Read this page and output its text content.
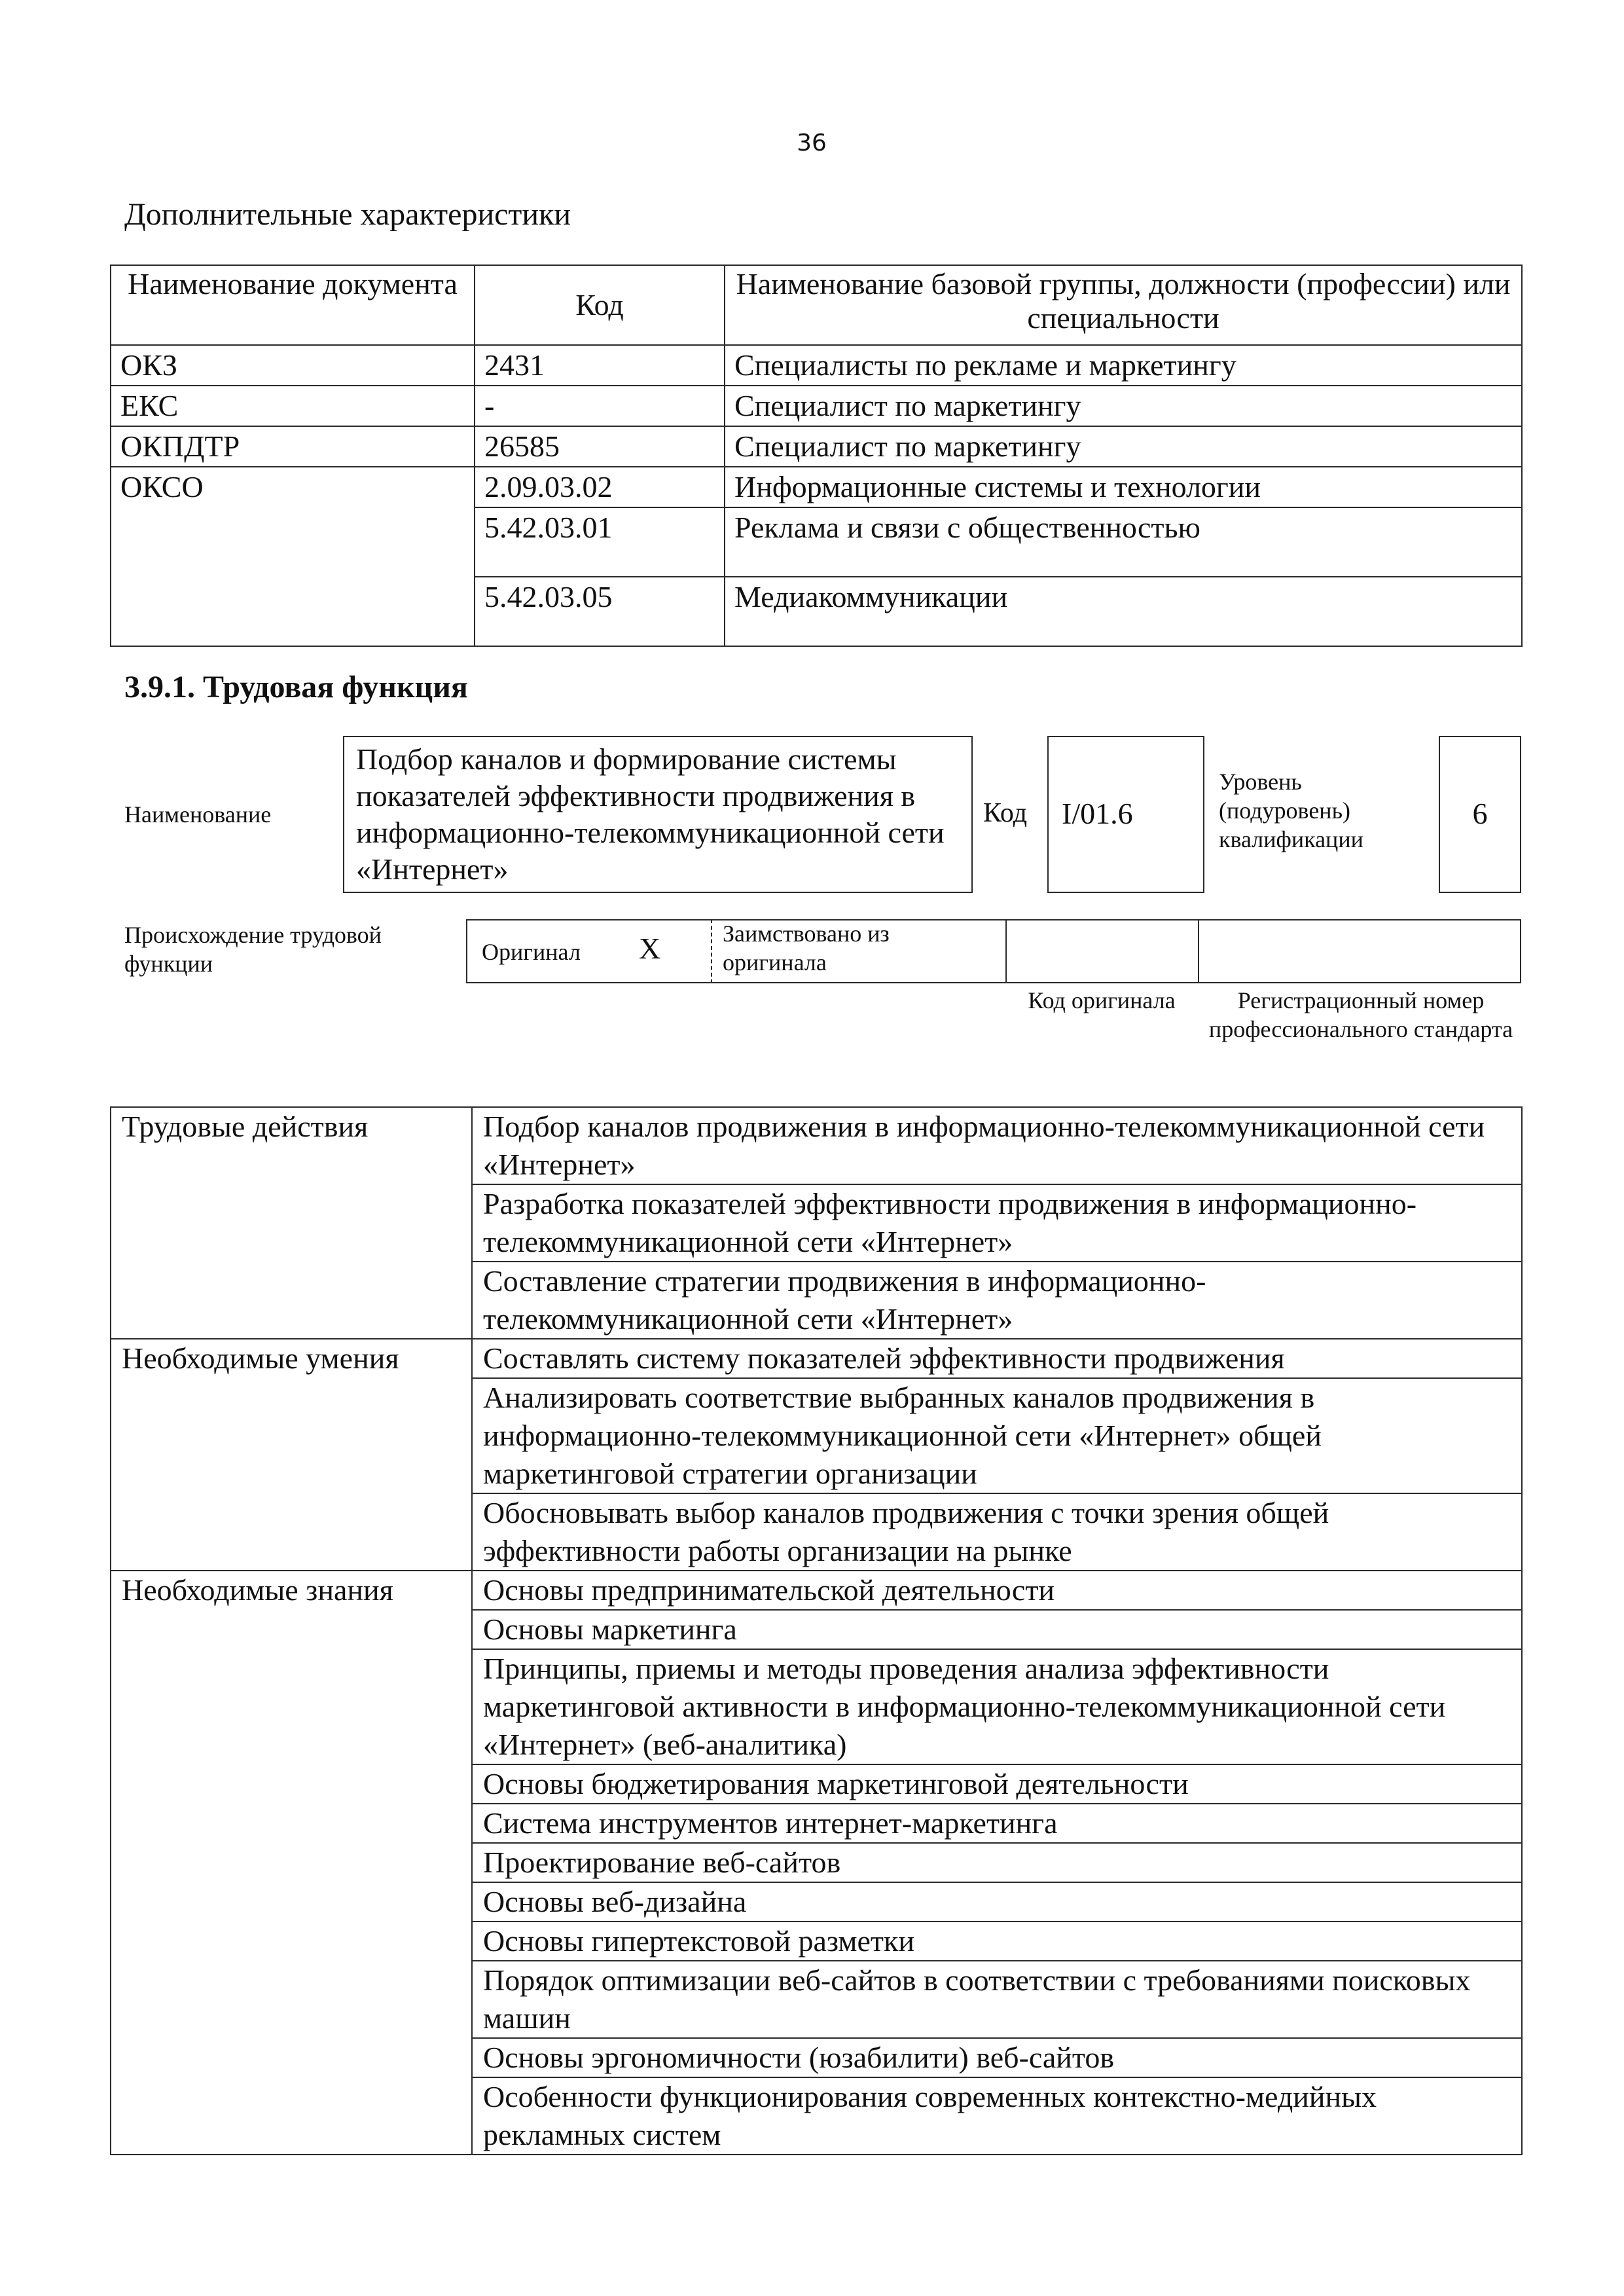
36
Дополнительные характеристики
Наименование документа	Код	Наименование базовой группы, должности (профессии) или специальности
ОКЗ	2431	Специалисты по рекламе и маркетингу
ЕКС	-	Специалист по маркетингу
ОКПДТР	26585	Специалист по маркетингу
ОКСО	2.09.03.02	Информационные системы и технологии
	5.42.03.01	Реклама и связи с общественностью
	5.42.03.05	Медиакоммуникации
3.9.1. Трудовая функция
Наименование
Подбор каналов и формирование системы показателей эффективности продвижения в информационно-телекоммуникационной сети «Интернет»
Код I/01.6
Уровень (подуровень) квалификации
6
Происхождение трудовой функции	Оригинал X	Заимствовано из оригинала
Код оригинала	Регистрационный номер профессионального стандарта
Трудовые действия	Подбор каналов продвижения в информационно-телекоммуникационной сети «Интернет»
	Разработка показателей эффективности продвижения в информационно-телекоммуникационной сети «Интернет»
	Составление стратегии продвижения в информационно-телекоммуникационной сети «Интернет»
Необходимые умения	Составлять систему показателей эффективности продвижения
	Анализировать соответствие выбранных каналов продвижения в информационно-телекоммуникационной сети «Интернет» общей маркетинговой стратегии организации
	Обосновывать выбор каналов продвижения с точки зрения общей эффективности работы организации на рынке
Необходимые знания	Основы предпринимательской деятельности
	Основы маркетинга
	Принципы, приемы и методы проведения анализа эффективности маркетинговой активности в информационно-телекоммуникационной сети «Интернет» (веб-аналитика)
	Основы бюджетирования маркетинговой деятельности
	Система инструментов интернет-маркетинга
	Проектирование веб-сайтов
	Основы веб-дизайна
	Основы гипертекстовой разметки
	Порядок оптимизации веб-сайтов в соответствии с требованиями поисковых машин
	Основы эргономичности (юзабилити) веб-сайтов
	Особенности функционирования современных контекстно-медийных рекламных систем
